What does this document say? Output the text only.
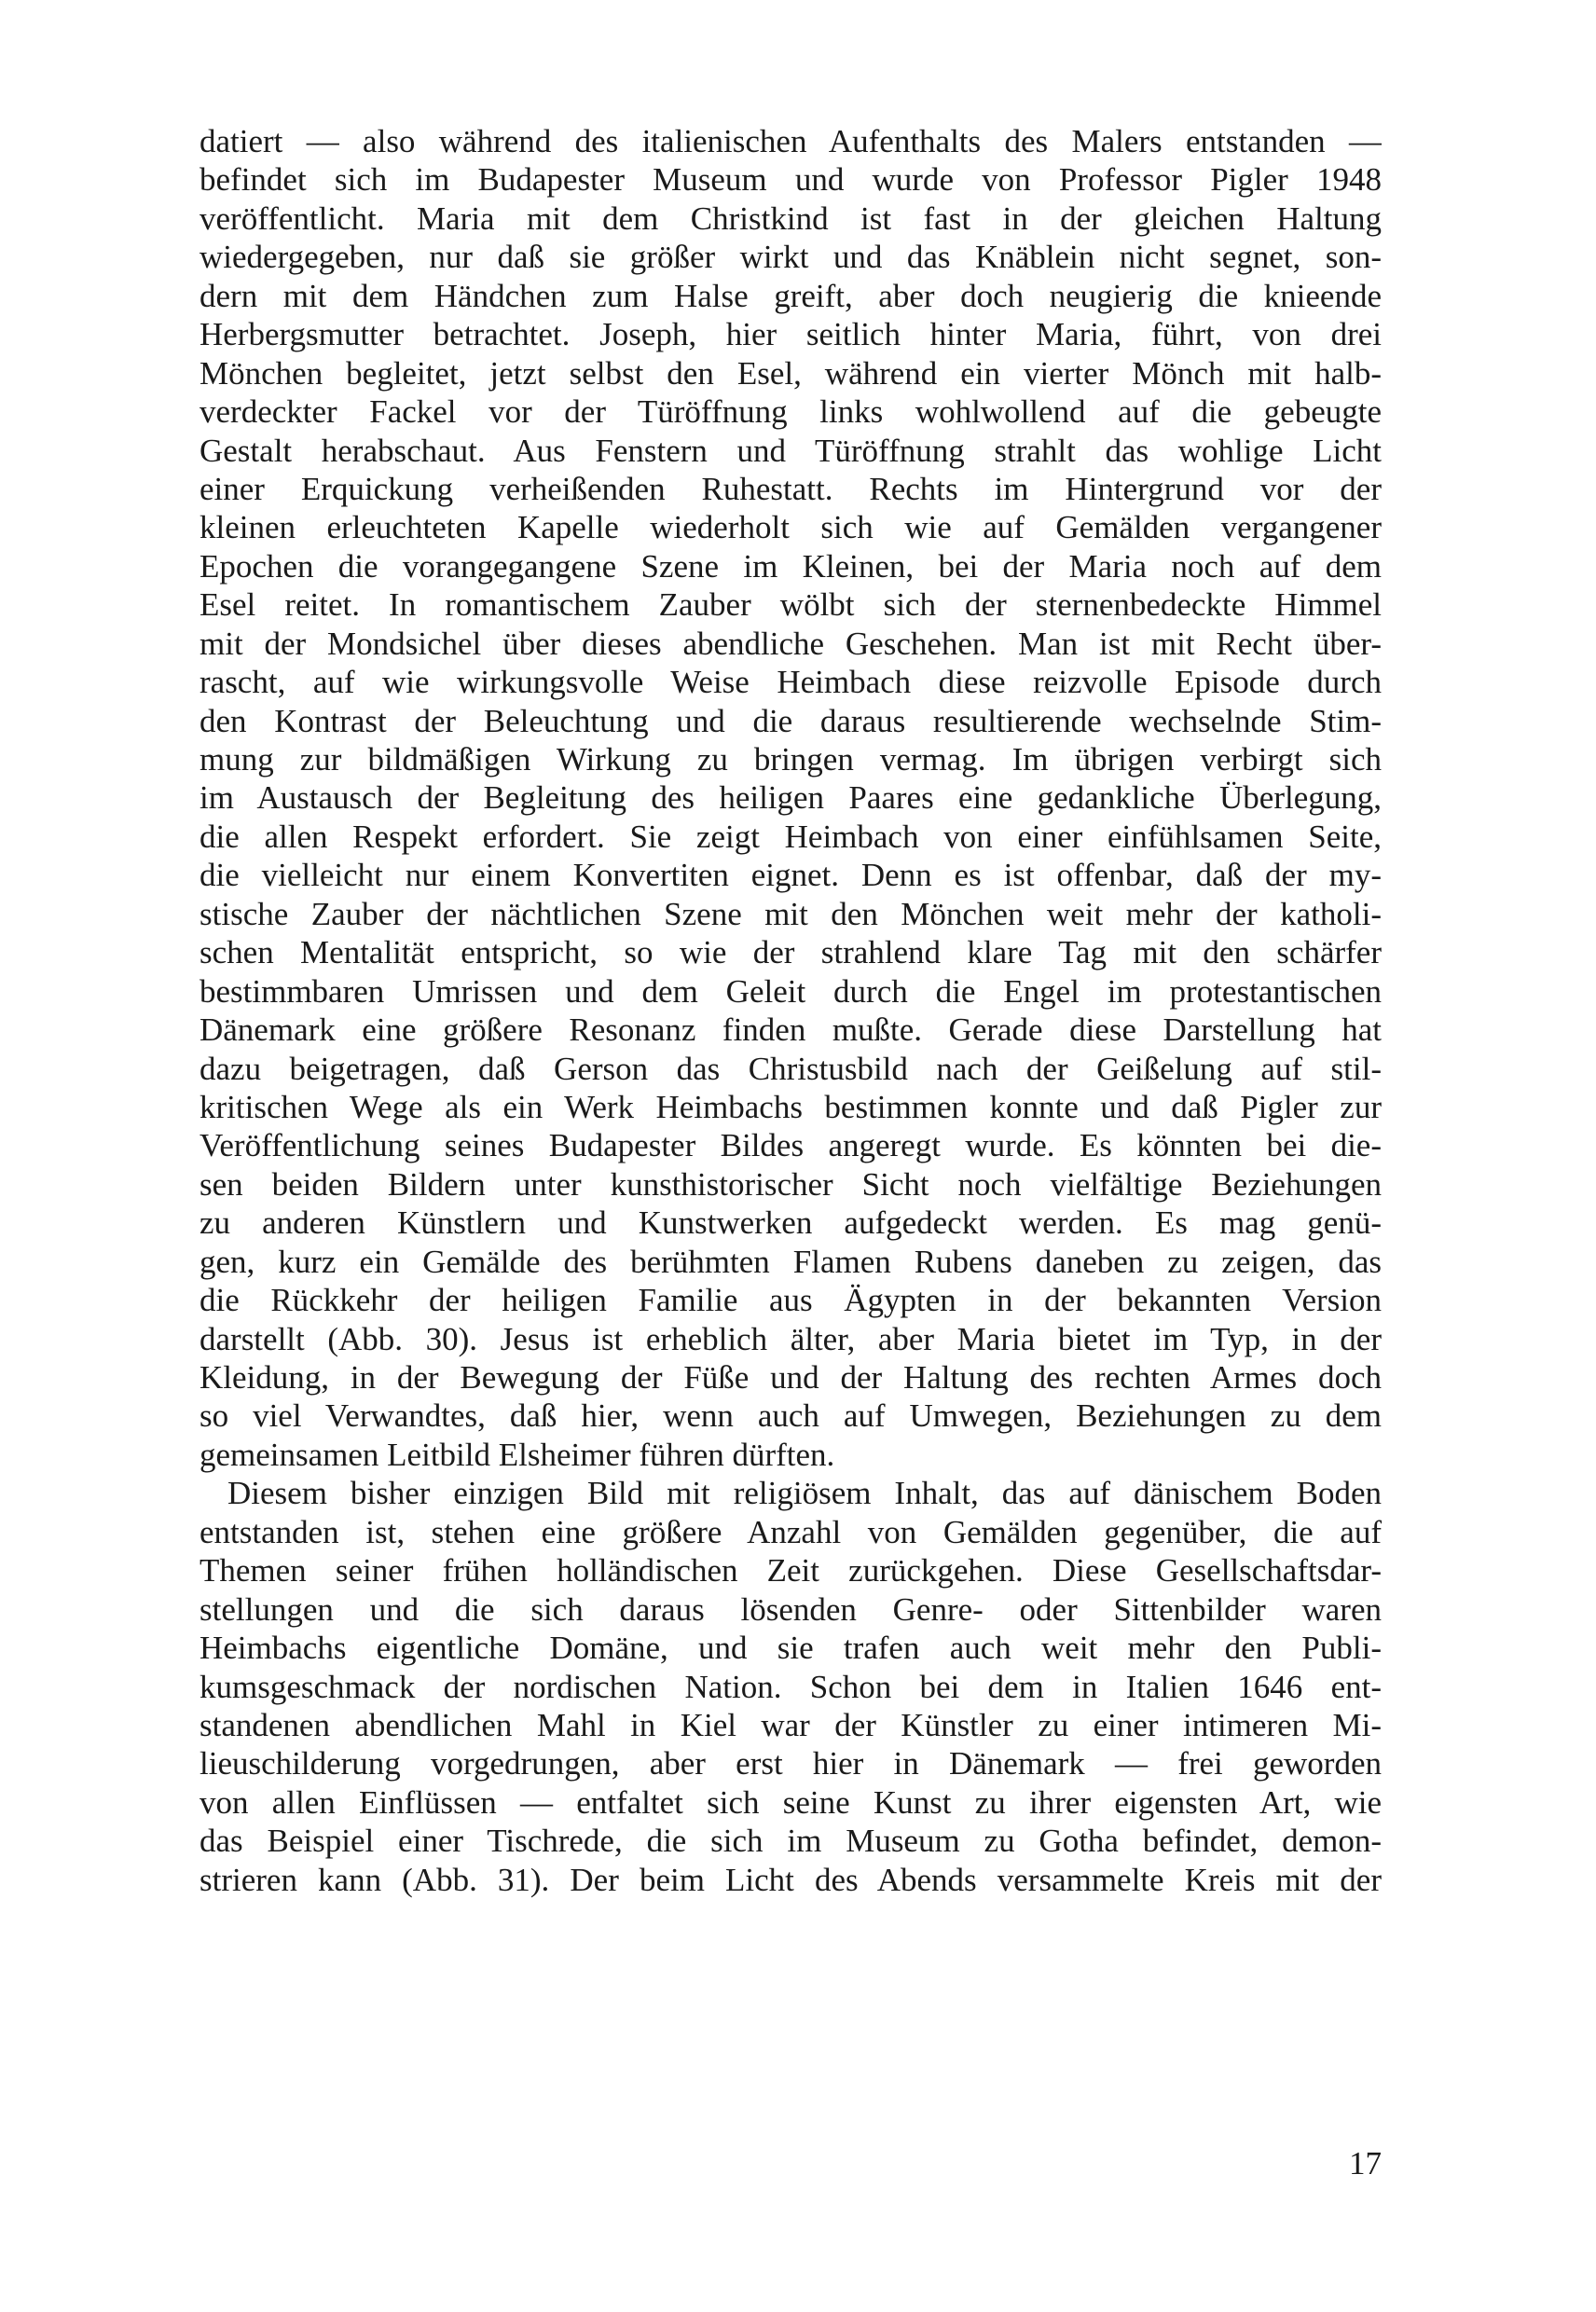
datiert — also während des italienischen Aufenthalts des Malers entstanden —
befindet sich im Budapester Museum und wurde von Professor Pigler 1948
veröffentlicht. Maria mit dem Christkind ist fast in der gleichen Haltung
wiedergegeben, nur daß sie größer wirkt und das Knäblein nicht segnet, son-
dern mit dem Händchen zum Halse greift, aber doch neugierig die knieende
Herbergsmutter betrachtet. Joseph, hier seitlich hinter Maria, führt, von drei
Mönchen begleitet, jetzt selbst den Esel, während ein vierter Mönch mit halb-
verdeckter Fackel vor der Türöffnung links wohlwollend auf die gebeugte
Gestalt herabschaut. Aus Fenstern und Türöffnung strahlt das wohlige Licht
einer Erquickung verheißenden Ruhestatt. Rechts im Hintergrund vor der
kleinen erleuchteten Kapelle wiederholt sich wie auf Gemälden vergangener
Epochen die vorangegangene Szene im Kleinen, bei der Maria noch auf dem
Esel reitet. In romantischem Zauber wölbt sich der sternenbedeckte Himmel
mit der Mondsichel über dieses abendliche Geschehen. Man ist mit Recht über-
rascht, auf wie wirkungsvolle Weise Heimbach diese reizvolle Episode durch
den Kontrast der Beleuchtung und die daraus resultierende wechselnde Stim-
mung zur bildmäßigen Wirkung zu bringen vermag. Im übrigen verbirgt sich
im Austausch der Begleitung des heiligen Paares eine gedankliche Überlegung,
die allen Respekt erfordert. Sie zeigt Heimbach von einer einfühlsamen Seite,
die vielleicht nur einem Konvertiten eignet. Denn es ist offenbar, daß der my-
stische Zauber der nächtlichen Szene mit den Mönchen weit mehr der katholi-
schen Mentalität entspricht, so wie der strahlend klare Tag mit den schärfer
bestimmbaren Umrissen und dem Geleit durch die Engel im protestantischen
Dänemark eine größere Resonanz finden mußte. Gerade diese Darstellung hat
dazu beigetragen, daß Gerson das Christusbild nach der Geißelung auf stil-
kritischen Wege als ein Werk Heimbachs bestimmen konnte und daß Pigler zur
Veröffentlichung seines Budapester Bildes angeregt wurde. Es könnten bei die-
sen beiden Bildern unter kunsthistorischer Sicht noch vielfältige Beziehungen
zu anderen Künstlern und Kunstwerken aufgedeckt werden. Es mag genü-
gen, kurz ein Gemälde des berühmten Flamen Rubens daneben zu zeigen, das
die Rückkehr der heiligen Familie aus Ägypten in der bekannten Version
darstellt (Abb. 30). Jesus ist erheblich älter, aber Maria bietet im Typ, in der
Kleidung, in der Bewegung der Füße und der Haltung des rechten Armes doch
so viel Verwandtes, daß hier, wenn auch auf Umwegen, Beziehungen zu dem
gemeinsamen Leitbild Elsheimer führen dürften.
Diesem bisher einzigen Bild mit religiösem Inhalt, das auf dänischem Boden
entstanden ist, stehen eine größere Anzahl von Gemälden gegenüber, die auf
Themen seiner frühen holländischen Zeit zurückgehen. Diese Gesellschaftsdar-
stellungen und die sich daraus lösenden Genre- oder Sittenbilder waren
Heimbachs eigentliche Domäne, und sie trafen auch weit mehr den Publi-
kumsgeschmack der nordischen Nation. Schon bei dem in Italien 1646 ent-
standenen abendlichen Mahl in Kiel war der Künstler zu einer intimeren Mi-
lieuschilderung vorgedrungen, aber erst hier in Dänemark — frei geworden
von allen Einflüssen — entfaltet sich seine Kunst zu ihrer eigensten Art, wie
das Beispiel einer Tischrede, die sich im Museum zu Gotha befindet, demon-
strieren kann (Abb. 31). Der beim Licht des Abends versammelte Kreis mit der
17
